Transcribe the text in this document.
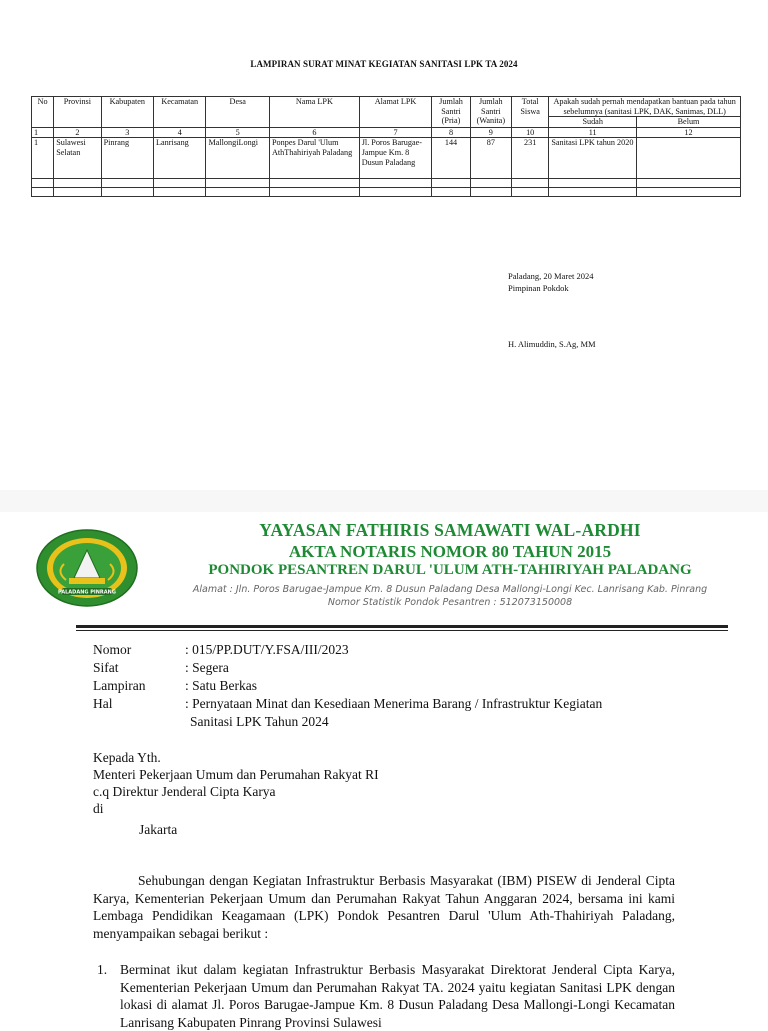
LAMPIRAN SURAT MINAT KEGIATAN SANITASI LPK TA 2024
No	Provinsi	Kabupaten	Kecamatan	Desa	Nama LPK	Alamat LPK	Jumlah Santri (Pria)	Jumlah Santri (Wanita)	Total Siswa	Apakah sudah pernah mendapatkan bantuan pada tahun sebelumnya (sanitasi LPK, DAK, Sanimas, DLL)	
										Sudah	Belum
1	2	3	4	5	6	7	8	9	10	11	12
1	Sulawesi Selatan	Pinrang	Lanrisang	MallongiLongi	Ponpes Darul 'Ulum AthThahiriyah Paladang	Jl. Poros Barugae-Jampue Km. 8 Dusun Paladang	144	87	231	Sanitasi LPK tahun 2020	

Paladang, 20 Maret 2024
Pimpinan Pokdok
H. Alimuddin, S.Ag, MM
PALADANG PINRANG
YAYASAN FATHIRIS SAMAWATI WAL-ARDHI
AKTA NOTARIS NOMOR 80 TAHUN 2015
PONDOK PESANTREN DARUL 'ULUM ATH-TAHIRIYAH PALADANG
Alamat : Jln. Poros Barugae-Jampue Km. 8 Dusun Paladang Desa Mallongi-Longi Kec. Lanrisang Kab. Pinrang
Nomor Statistik Pondok Pesantren : 512073150008
Nomor	: 015/PP.DUT/Y.FSA/III/2023
Sifat	: Segera
Lampiran	: Satu Berkas
Hal	: Pernyataan Minat dan Kesediaan Menerima Barang / Infrastruktur Kegiatan
Sanitasi LPK Tahun 2024
Kepada Yth.
Menteri Pekerjaan Umum dan Perumahan Rakyat RI
c.q Direktur Jenderal Cipta Karya
di
Jakarta
Sehubungan dengan Kegiatan Infrastruktur Berbasis Masyarakat (IBM) PISEW di Jenderal Cipta Karya, Kementerian Pekerjaan Umum dan Perumahan Rakyat Tahun Anggaran 2024, bersama ini kami Lembaga Pendidikan Keagamaan (LPK) Pondok Pesantren Darul 'Ulum Ath-Thahiriyah Paladang, menyampaikan sebagai berikut :
1. Berminat ikut dalam kegiatan Infrastruktur Berbasis Masyarakat Direktorat Jenderal Cipta Karya, Kementerian Pekerjaan Umum dan Perumahan Rakyat TA. 2024 yaitu kegiatan Sanitasi LPK dengan lokasi di alamat Jl. Poros Barugae-Jampue Km. 8 Dusun Paladang Desa Mallongi-Longi Kecamatan Lanrisang Kabupaten Pinrang Provinsi Sulawesi
